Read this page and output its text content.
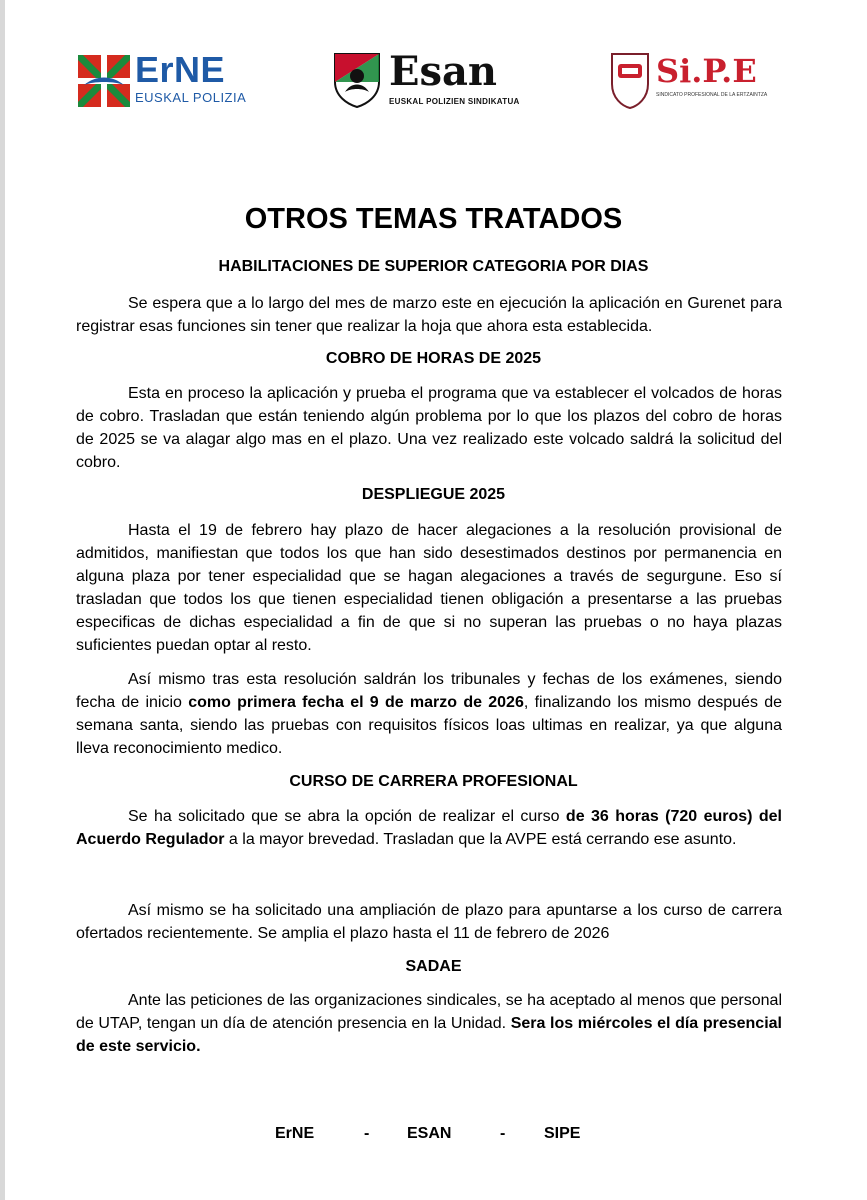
ErNE
EUSKAL POLIZIA
Esan
EUSKAL POLIZIEN SINDIKATUA
Si.P.E
SINDICATO PROFESIONAL DE LA ERTZAINTZA
OTROS TEMAS TRATADOS
HABILITACIONES DE SUPERIOR CATEGORIA POR DIAS

Se espera que a lo largo del mes de marzo este en ejecución la aplicación en Gurenet para registrar esas funciones sin tener que realizar la hoja que ahora esta establecida.

COBRO DE HORAS DE 2025

Esta en proceso la aplicación y prueba el programa que va establecer el volcados de horas de cobro. Trasladan que están teniendo algún problema por lo que los plazos del cobro de horas de 2025 se va alagar algo mas en el plazo. Una vez realizado este volcado saldrá la solicitud del cobro.

DESPLIEGUE 2025

Hasta el 19 de febrero hay plazo de hacer alegaciones a la resolución provisional de admitidos, manifiestan que todos los que han sido desestimados destinos por permanencia en alguna plaza por tener especialidad que se hagan alegaciones a través de segurgune. Eso sí trasladan que todos los que tienen especialidad tienen obligación a presentarse a las pruebas especificas de dichas especialidad a fin de que si no superan las pruebas o no haya plazas suficientes puedan optar al resto.

Así mismo tras esta resolución saldrán los tribunales y fechas de los exámenes, siendo fecha de inicio como primera fecha el 9 de marzo de 2026, finalizando los mismo después de semana santa, siendo las pruebas con requisitos físicos loas ultimas en realizar, ya que alguna lleva reconocimiento medico.

CURSO DE CARRERA PROFESIONAL

Se ha solicitado que se abra la opción de realizar el curso de 36 horas (720 euros) del Acuerdo Regulador a la mayor brevedad. Trasladan que la AVPE está cerrando ese asunto.

Así mismo se ha solicitado una ampliación de plazo para apuntarse a los curso de carrera ofertados recientemente. Se amplia el plazo hasta el 11 de febrero de 2026

SADAE

Ante las peticiones de las organizaciones sindicales, se ha aceptado al menos que personal de UTAP, tengan un día de atención presencia en la Unidad. Sera los miércoles el día presencial de este servicio.

ErNE	- ESAN	- SIPE
